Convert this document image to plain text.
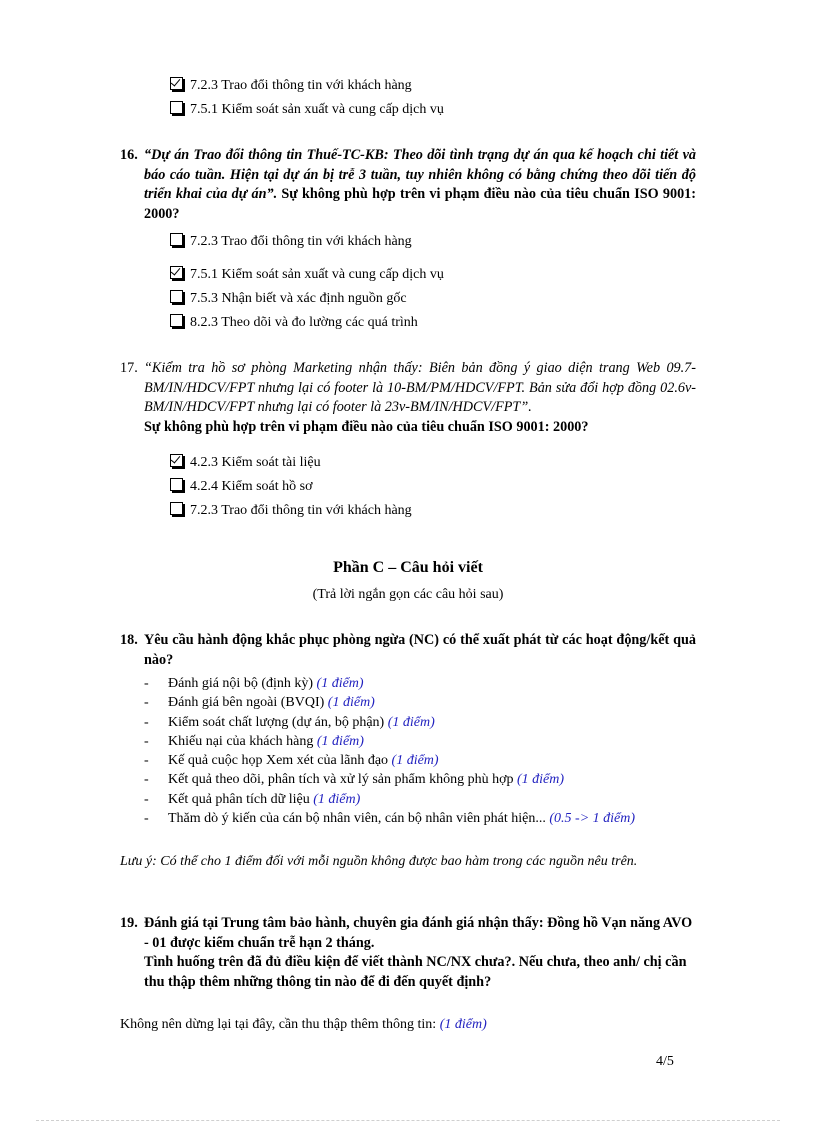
7.2.3 Trao đổi thông tin với khách hàng
7.5.1 Kiểm soát sản xuất và cung cấp dịch vụ
16. “Dự án Trao đổi thông tin Thuế-TC-KB: Theo dõi tình trạng dự án qua kế hoạch chi tiết và báo cáo tuần. Hiện tại dự án bị trễ 3 tuần, tuy nhiên không có bằng chứng theo dõi tiến độ triển khai của dự án”. Sự không phù hợp trên vi phạm điều nào của tiêu chuẩn ISO 9001: 2000?
7.2.3 Trao đổi thông tin với khách hàng
7.5.1 Kiểm soát sản xuất và cung cấp dịch vụ
7.5.3 Nhận biết và xác định nguồn gốc
8.2.3 Theo dõi và đo lường các quá trình
17. “Kiểm tra hồ sơ phòng Marketing nhận thấy: Biên bản đồng ý giao diện trang Web 09.7-BM/IN/HDCV/FPT nhưng lại có footer là 10-BM/PM/HDCV/FPT. Bản sửa đổi hợp đồng 02.6v-BM/IN/HDCV/FPT nhưng lại có footer là 23v-BM/IN/HDCV/FPT”.
Sự không phù hợp trên vi phạm điều nào của tiêu chuẩn ISO 9001: 2000?
4.2.3 Kiểm soát tài liệu
4.2.4 Kiểm soát hồ sơ
7.2.3 Trao đổi thông tin với khách hàng
Phần C – Câu hỏi viết
(Trả lời ngắn gọn các câu hỏi sau)
18. Yêu cầu hành động khắc phục phòng ngừa (NC) có thể xuất phát từ các hoạt động/kết quả nào?
- Đánh giá nội bộ (định kỳ) (1 điểm)
- Đánh giá bên ngoài (BVQI) (1 điểm)
- Kiểm soát chất lượng (dự án, bộ phận) (1 điểm)
- Khiếu nại của khách hàng (1 điểm)
- Kế quả cuộc họp Xem xét của lãnh đạo (1 điểm)
- Kết quả theo dõi, phân tích và xử lý sản phẩm không phù hợp (1 điểm)
- Kết quả phân tích dữ liệu (1 điểm)
- Thăm dò ý kiến của cán bộ nhân viên, cán bộ nhân viên phát hiện... (0.5 -> 1 điểm)
Lưu ý: Có thể cho 1 điểm đối với mỗi nguồn không được bao hàm trong các nguồn nêu trên.
19. Đánh giá tại Trung tâm bảo hành, chuyên gia đánh giá nhận thấy: Đồng hồ Vạn năng AVO - 01 được kiểm chuẩn trễ hạn 2 tháng.
Tình huống trên đã đủ điều kiện để viết thành NC/NX chưa?. Nếu chưa, theo anh/ chị cần thu thập thêm những thông tin nào để đi đến quyết định?
Không nên dừng lại tại đây, cần thu thập thêm thông tin: (1 điểm)
4/5
